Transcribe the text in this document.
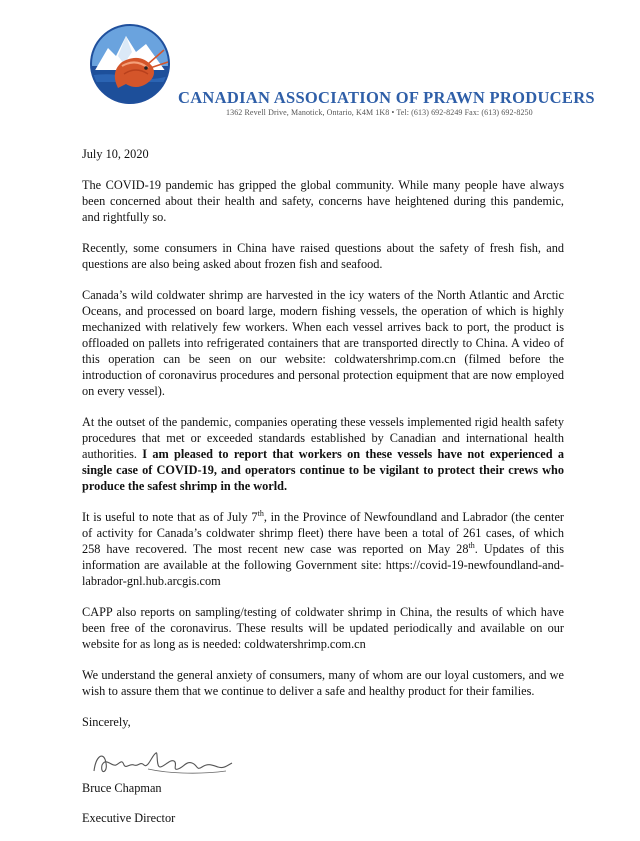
CANADIAN ASSOCIATION OF PRAWN PRODUCERS
1362 Revell Drive, Manotick, Ontario, K4M 1K8 • Tel: (613) 692-8249 Fax: (613) 692-8250

July 10, 2020

The COVID-19 pandemic has gripped the global community. While many people have always been concerned about their health and safety, concerns have heightened during this pandemic, and rightfully so.

Recently, some consumers in China have raised questions about the safety of fresh fish, and questions are also being asked about frozen fish and seafood.

Canada’s wild coldwater shrimp are harvested in the icy waters of the North Atlantic and Arctic Oceans, and processed on board large, modern fishing vessels, the operation of which is highly mechanized with relatively few workers. When each vessel arrives back to port, the product is offloaded on pallets into refrigerated containers that are transported directly to China. A video of this operation can be seen on our website: coldwatershrimp.com.cn (filmed before the introduction of coronavirus procedures and personal protection equipment that are now employed on every vessel).

At the outset of the pandemic, companies operating these vessels implemented rigid health safety procedures that met or exceeded standards established by Canadian and international health authorities. I am pleased to report that workers on these vessels have not experienced a single case of COVID-19, and operators continue to be vigilant to protect their crews who produce the safest shrimp in the world.

It is useful to note that as of July 7th, in the Province of Newfoundland and Labrador (the center of activity for Canada’s coldwater shrimp fleet) there have been a total of 261 cases, of which 258 have recovered. The most recent new case was reported on May 28th. Updates of this information are available at the following Government site: https://covid-19-newfoundland-and-labrador-gnl.hub.arcgis.com

CAPP also reports on sampling/testing of coldwater shrimp in China, the results of which have been free of the coronavirus. These results will be updated periodically and available on our website for as long as is needed: coldwatershrimp.com.cn

We understand the general anxiety of consumers, many of whom are our loyal customers, and we wish to assure them that we continue to deliver a safe and healthy product for their families.

Sincerely,

Bruce Chapman

Executive Director
